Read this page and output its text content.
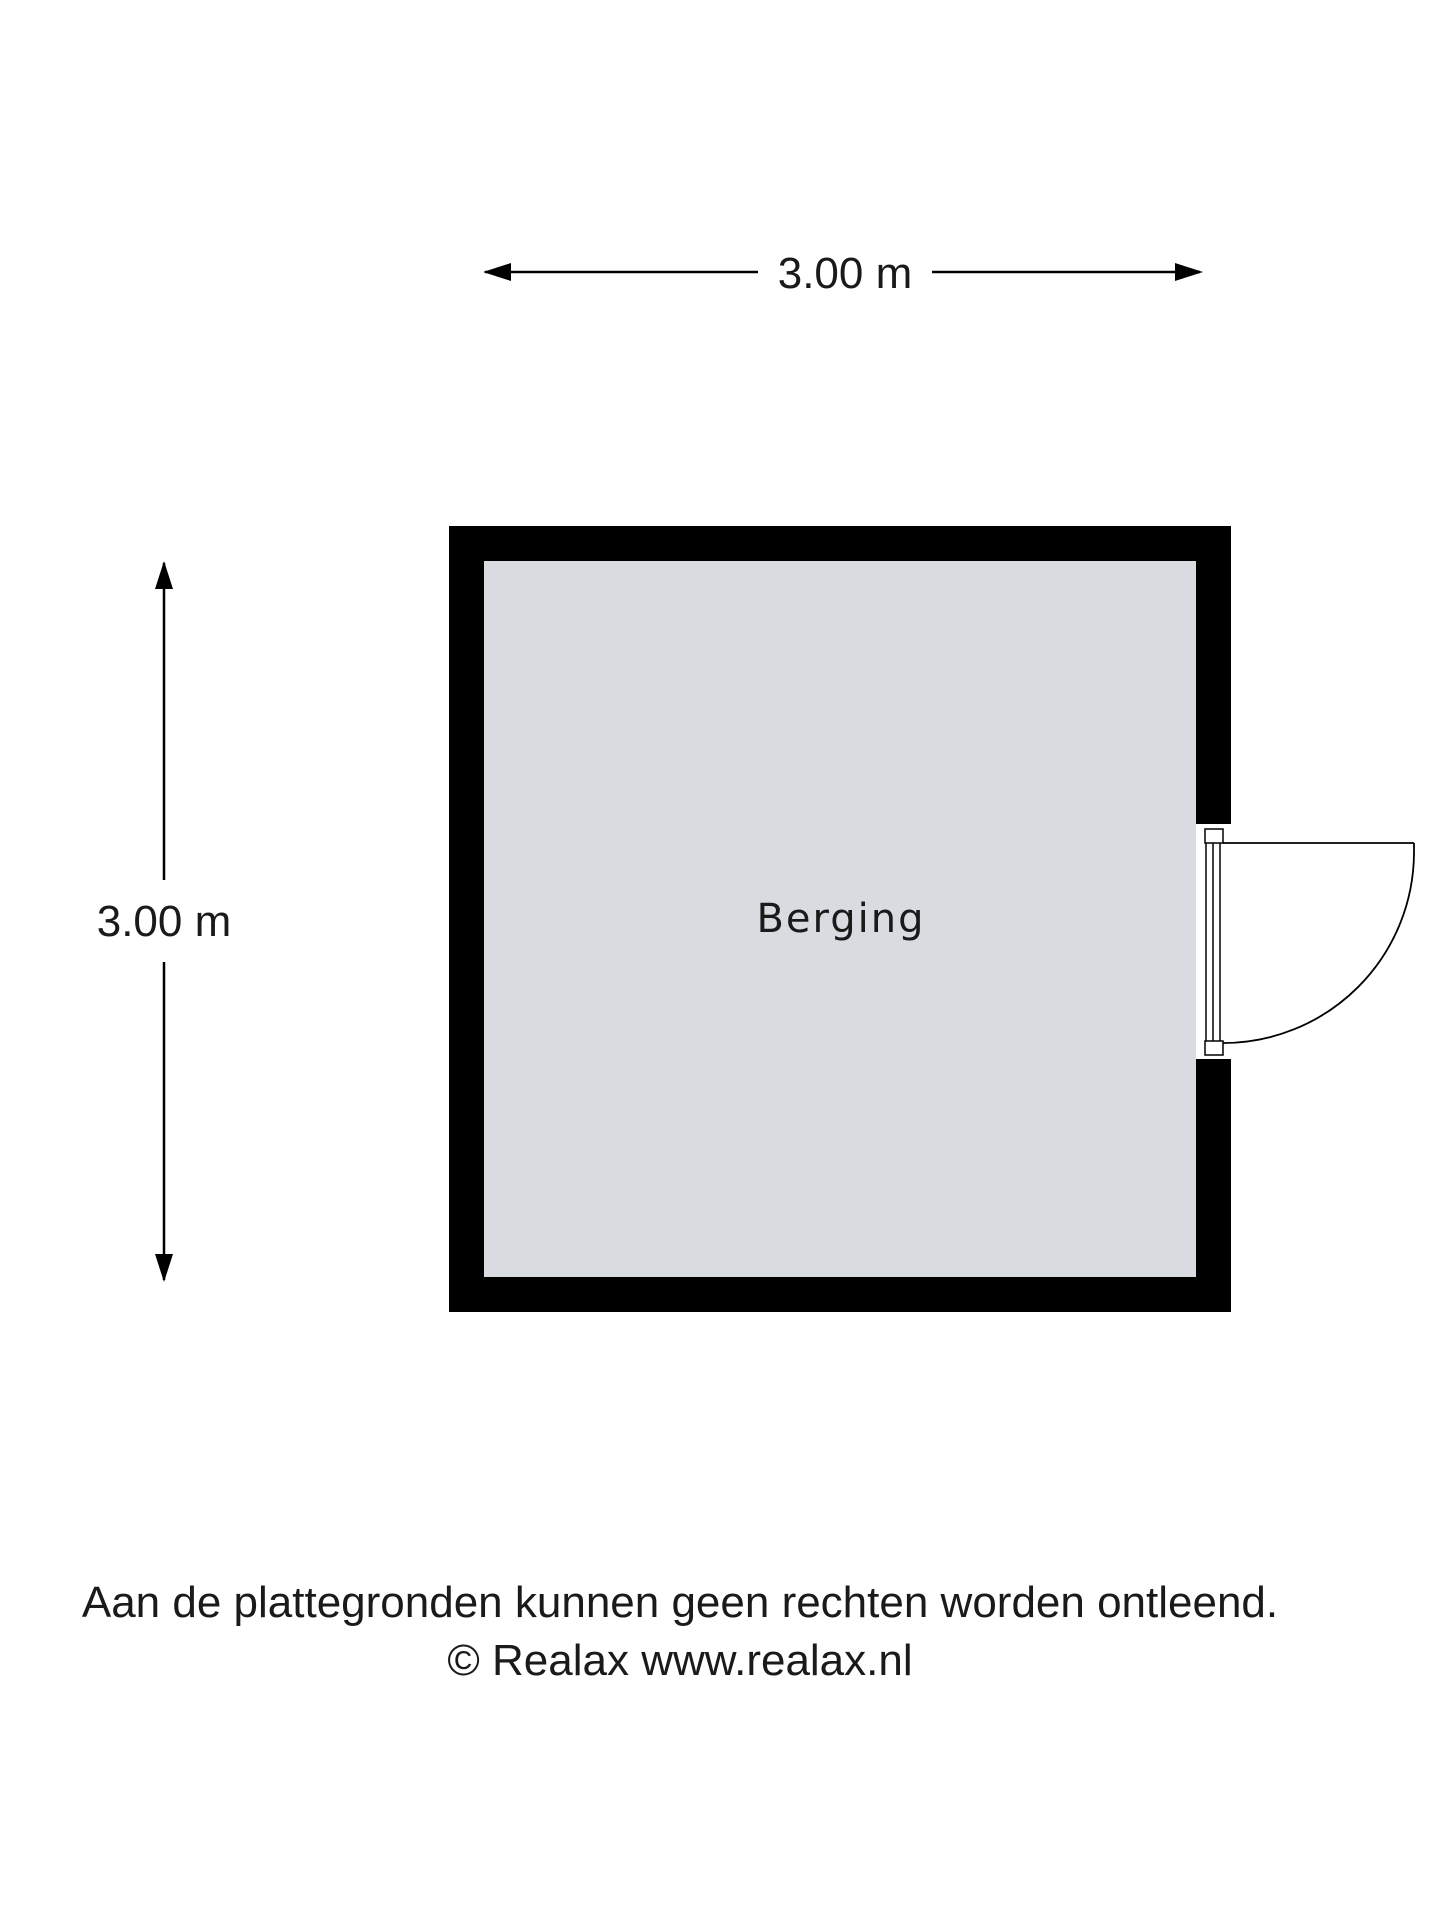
3.00 m
3.00 m	Berging
Aan de plattegronden kunnen geen rechten worden ontleend.
© Realax www.realax.nl
